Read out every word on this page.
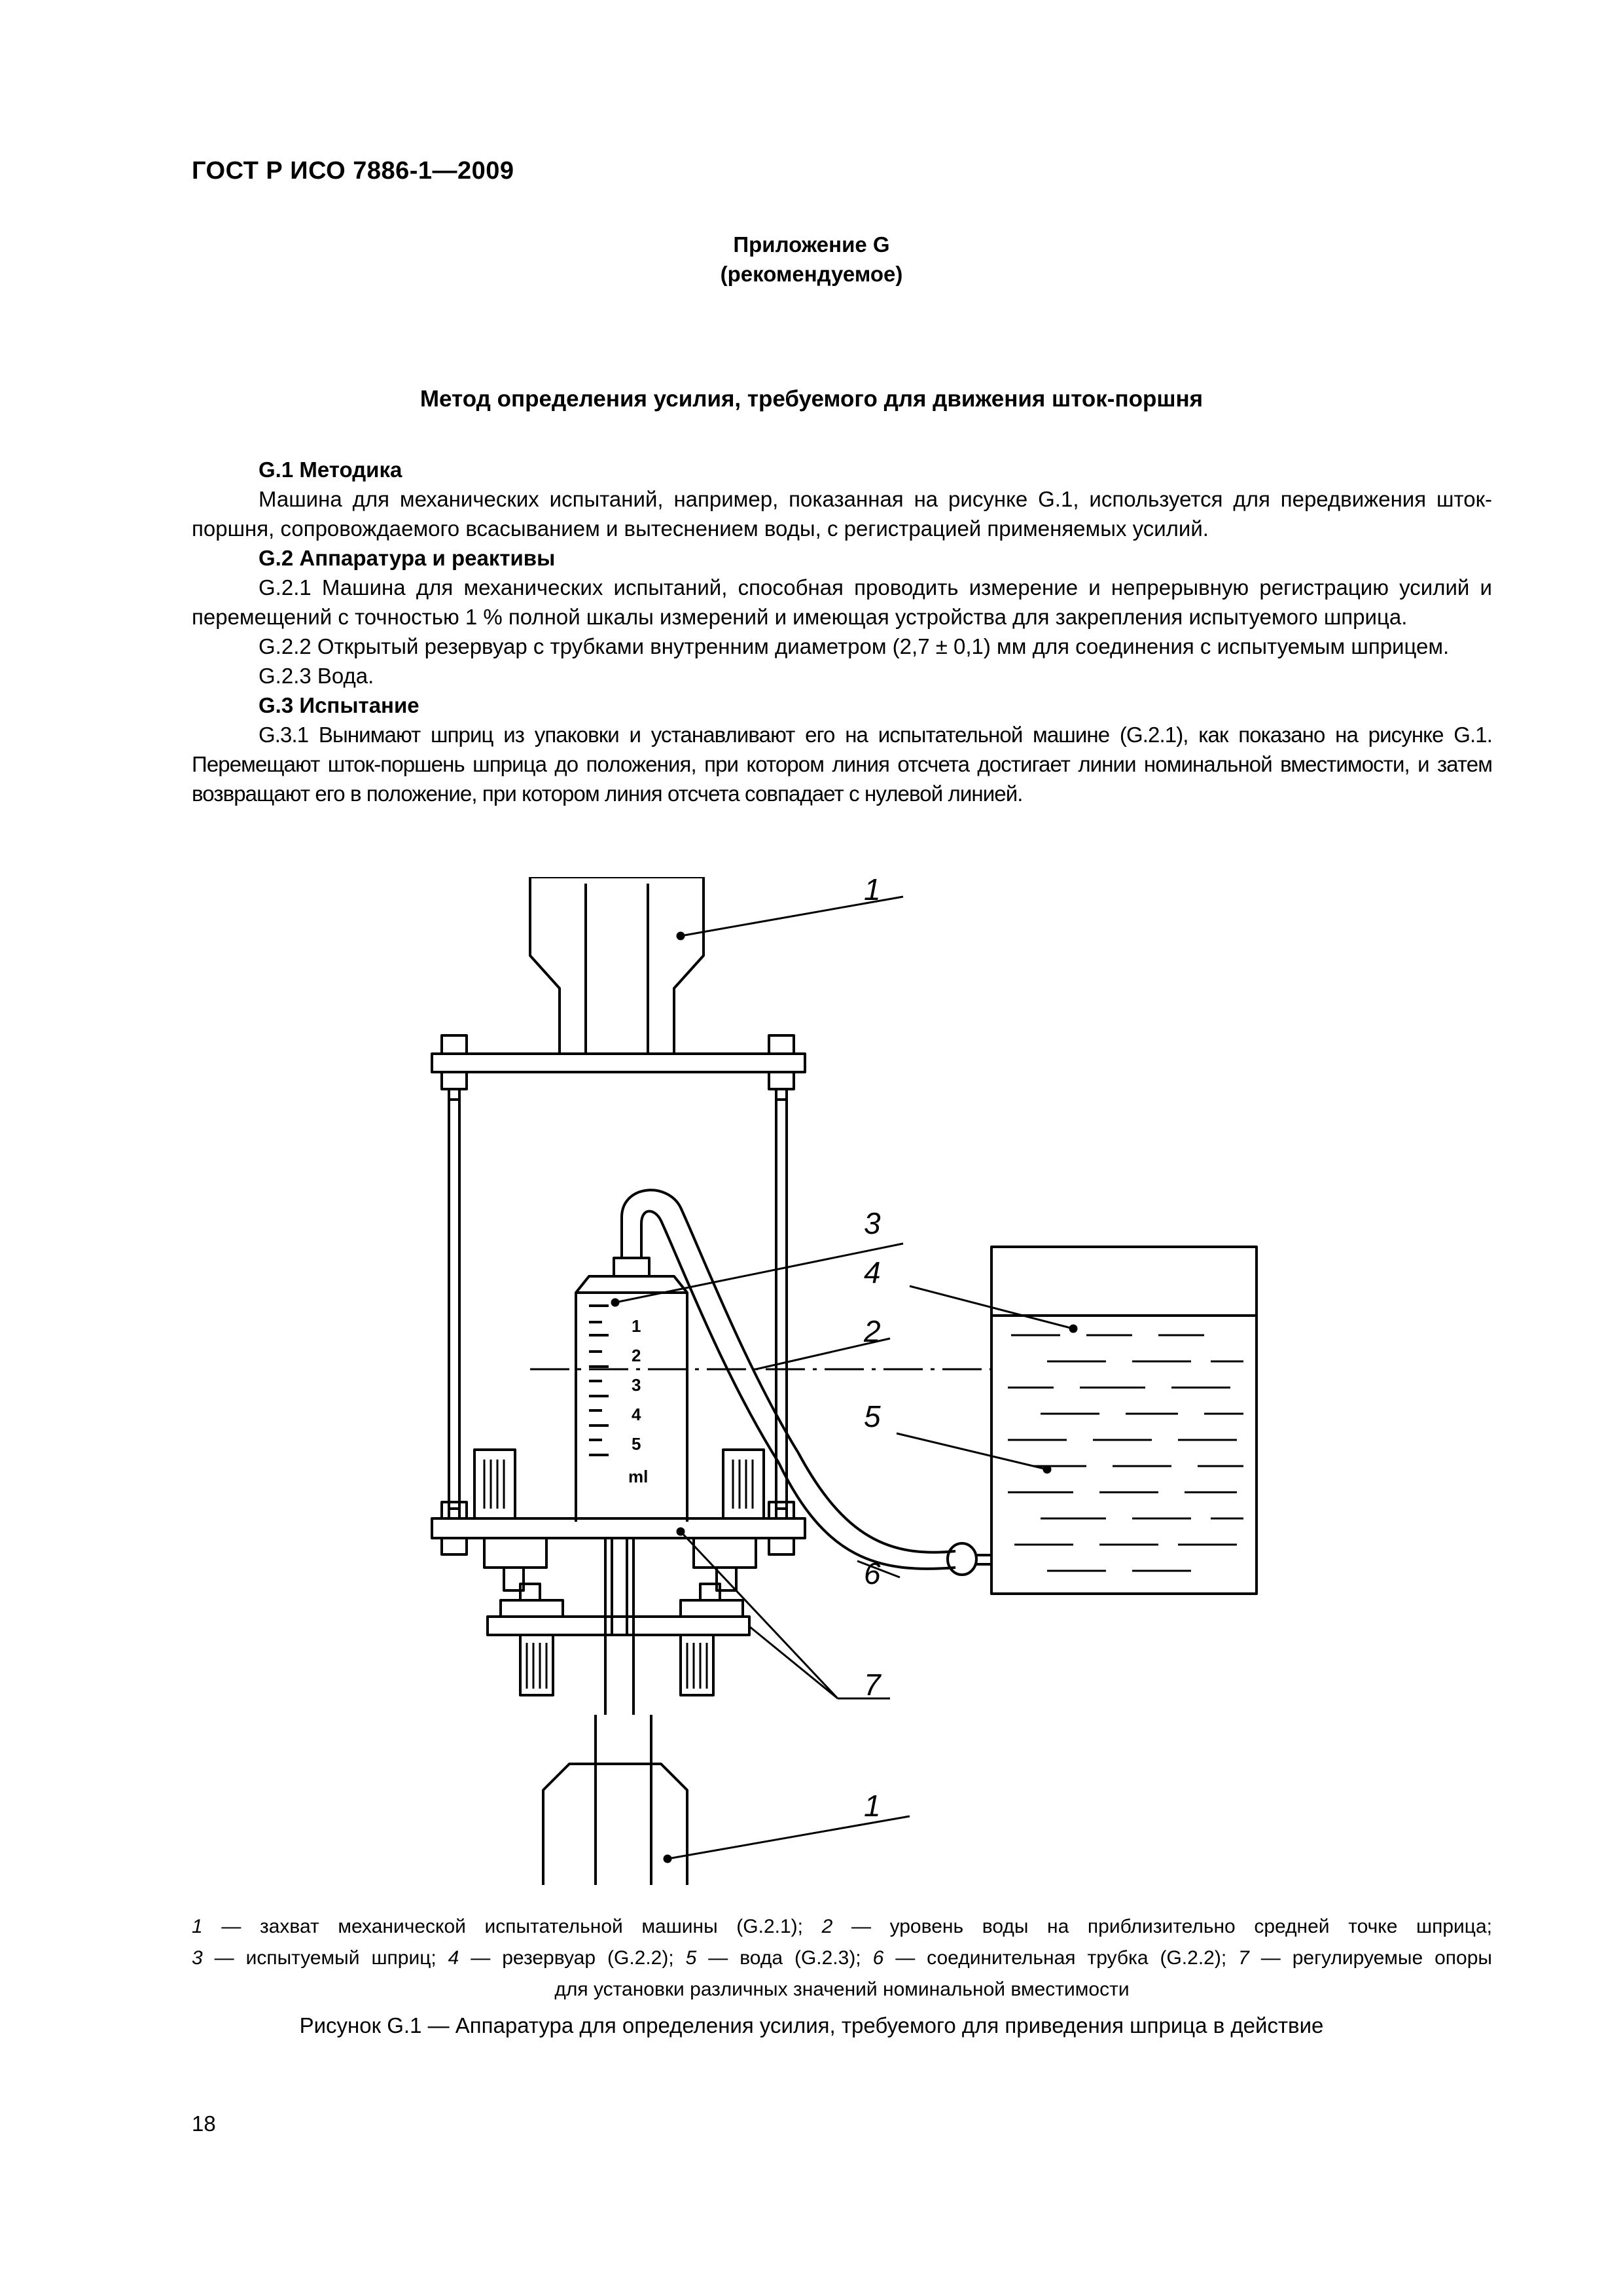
ГОСТ Р ИСО 7886-1—2009
Приложение G
(рекомендуемое)
Метод определения усилия, требуемого для движения шток-поршня

G.1 Методика

Машина для механических испытаний, например, показанная на рисунке G.1, используется для передвижения шток-поршня, сопровождаемого всасыванием и вытеснением воды, с регистрацией применяемых усилий.

G.2 Аппаратура и реактивы

G.2.1 Машина для механических испытаний, способная проводить измерение и непрерывную регистрацию усилий и перемещений с точностью 1 % полной шкалы измерений и имеющая устройства для закрепления испытуемого шприца.

G.2.2 Открытый резервуар с трубками внутренним диаметром (2,7 ± 0,1) мм для соединения с испытуемым шприцем.

G.2.3 Вода.

G.3 Испытание

G.3.1 Вынимают шприц из упаковки и устанавливают его на испытательной машине (G.2.1), как показано на рисунке G.1. Перемещают шток-поршень шприца до положения, при котором линия отсчета достигает линии номинальной вместимости, и затем возвращают его в положение, при котором линия отсчета совпадает с нулевой линией.

1
2
3
4
5
ml
1
3
4
2
5
6
7
1

1 — захват механической испытательной машины (G.2.1); 2 — уровень воды на приблизительно средней точке шприца;

3 — испытуемый шприц; 4 — резервуар (G.2.2); 5 — вода (G.2.3); 6 — соединительная трубка (G.2.2); 7 — регулируемые опоры

для установки различных значений номинальной вместимости

Рисунок G.1 — Аппаратура для определения усилия, требуемого для приведения шприца в действие
18
